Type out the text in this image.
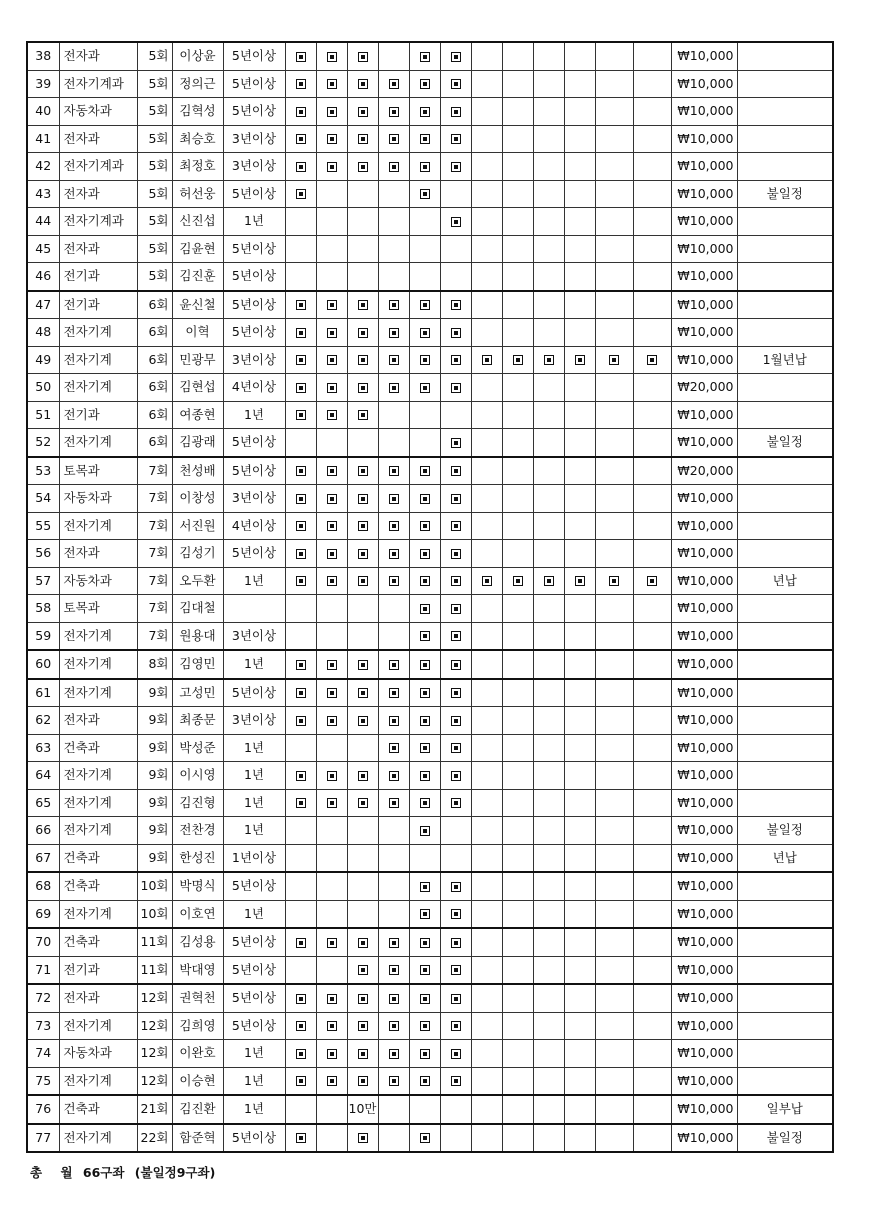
38	전자과	5회	이상윤	5년이상													₩10,000	
39	전자기계과	5회	정의근	5년이상													₩10,000	
40	자동차과	5회	김혁성	5년이상													₩10,000	
41	전자과	5회	최승호	3년이상													₩10,000	
42	전자기계과	5회	최정호	3년이상													₩10,000	
43	전자과	5회	허선웅	5년이상													₩10,000	불일정
44	전자기계과	5회	신진섭	1년													₩10,000	
45	전자과	5회	김윤현	5년이상													₩10,000	
46	전기과	5회	김진훈	5년이상													₩10,000	
47	전기과	6회	윤신철	5년이상													₩10,000	
48	전자기계	6회	이혁	5년이상													₩10,000	
49	전자기계	6회	민광무	3년이상													₩10,000	1월년납
50	전자기계	6회	김현섭	4년이상													₩20,000	
51	전기과	6회	여종현	1년													₩10,000	
52	전자기계	6회	김광래	5년이상													₩10,000	불일정
53	토목과	7회	천성배	5년이상													₩20,000	
54	자동차과	7회	이창성	3년이상													₩10,000	
55	전자기계	7회	서진원	4년이상													₩10,000	
56	전자과	7회	김성기	5년이상													₩10,000	
57	자동차과	7회	오두환	1년													₩10,000	년납
58	토목과	7회	김대철														₩10,000	
59	전자기계	7회	원용대	3년이상													₩10,000	
60	전자기계	8회	김영민	1년													₩10,000	
61	전자기계	9회	고성민	5년이상													₩10,000	
62	전자과	9회	최종문	3년이상													₩10,000	
63	건축과	9회	박성준	1년													₩10,000	
64	전자기계	9회	이시영	1년													₩10,000	
65	전자기계	9회	김진형	1년													₩10,000	
66	전자기계	9회	전찬경	1년													₩10,000	불일정
67	건축과	9회	한성진	1년이상													₩10,000	년납
68	건축과	10회	박명식	5년이상													₩10,000	
69	전자기계	10회	이호연	1년													₩10,000	
70	건축과	11회	김성용	5년이상													₩10,000	
71	전기과	11회	박대영	5년이상													₩10,000	
72	전자과	12회	권혁천	5년이상													₩10,000	
73	전자기계	12회	김희영	5년이상													₩10,000	
74	자동차과	12회	이완호	1년													₩10,000	
75	전자기계	12회	이승현	1년													₩10,000	
76	건축과	21회	김진환	1년			10만										₩10,000	일부납
77	전자기계	22회	함준혁	5년이상													₩10,000	불일정
총 월 66구좌 (불일정9구좌)
